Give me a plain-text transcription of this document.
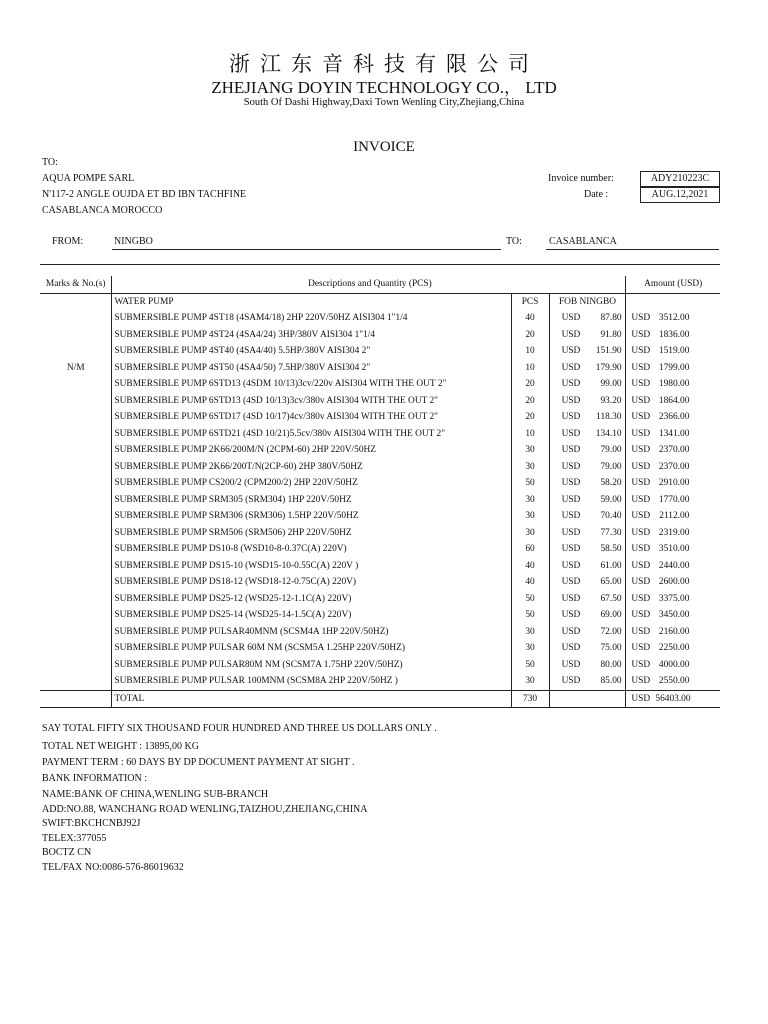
浙江东音科技有限公司
ZHEJIANG DOYIN TECHNOLOGY CO.， LTD
South Of Dashi Highway,Daxi Town Wenling City,Zhejiang,China
INVOICE
TO:
AQUA POMPE SARL
N'117-2 ANGLE OUJDA ET BD IBN TACHFINE
CASABLANCA MOROCCO
Invoice number:	ADY210223C
Date :	AUG.12,2021
FROM:	NINGBO	TO:	CASABLANCA
Marks & No.(s)	Descriptions and Quantity (PCS)			Amount (USD)
	WATER PUMP	PCS	FOB NINGBO	
	SUBMERSIBLE PUMP 4ST18 (4SAM4/18) 2HP 220V/50HZ AISI304 1"1/4	40	USD 87.80	USD 3512.00
	SUBMERSIBLE PUMP 4ST24 (4SA4/24) 3HP/380V AISI304 1"1/4	20	USD 91.80	USD 1836.00
	SUBMERSIBLE PUMP 4ST40 (4SA4/40) 5.5HP/380V AISI304 2"	10	USD 151.90	USD 1519.00
N/M	SUBMERSIBLE PUMP 4ST50 (4SA4/50) 7.5HP/380V AISI304 2"	10	USD 179.90	USD 1799.00
	SUBMERSIBLE PUMP 6STD13 (4SDM 10/13)3cv/220v AISI304 WITH THE OUT 2"	20	USD 99.00	USD 1980.00
	SUBMERSIBLE PUMP 6STD13 (4SD 10/13)3cv/380v AISI304 WITH THE OUT 2"	20	USD 93.20	USD 1864.00
	SUBMERSIBLE PUMP 6STD17 (4SD 10/17)4cv/380v AISI304 WITH THE OUT 2"	20	USD 118.30	USD 2366.00
	SUBMERSIBLE PUMP 6STD21 (4SD 10/21)5.5cv/380v AISI304 WITH THE OUT 2"	10	USD 134.10	USD 1341.00
	SUBMERSIBLE PUMP 2K66/200M/N (2CPM-60) 2HP 220V/50HZ	30	USD 79.00	USD 2370.00
	SUBMERSIBLE PUMP 2K66/200T/N(2CP-60) 2HP 380V/50HZ	30	USD 79.00	USD 2370.00
	SUBMERSIBLE PUMP CS200/2 (CPM200/2) 2HP 220V/50HZ	50	USD 58.20	USD 2910.00
	SUBMERSIBLE PUMP SRM305 (SRM304) 1HP 220V/50HZ	30	USD 59.00	USD 1770.00
	SUBMERSIBLE PUMP SRM306 (SRM306) 1.5HP 220V/50HZ	30	USD 70.40	USD 2112.00
	SUBMERSIBLE PUMP SRM506 (SRM506) 2HP 220V/50HZ	30	USD 77.30	USD 2319.00
	SUBMERSIBLE PUMP DS10-8 (WSD10-8-0.37C(A) 220V)	60	USD 58.50	USD 3510.00
	SUBMERSIBLE PUMP DS15-10 (WSD15-10-0.55C(A) 220V )	40	USD 61.00	USD 2440.00
	SUBMERSIBLE PUMP DS18-12 (WSD18-12-0.75C(A) 220V)	40	USD 65.00	USD 2600.00
	SUBMERSIBLE PUMP DS25-12 (WSD25-12-1.1C(A) 220V)	50	USD 67.50	USD 3375.00
	SUBMERSIBLE PUMP DS25-14 (WSD25-14-1.5C(A) 220V)	50	USD 69.00	USD 3450.00
	SUBMERSIBLE PUMP PULSAR40MNM (SCSM4A 1HP 220V/50HZ)	30	USD 72.00	USD 2160.00
	SUBMERSIBLE PUMP PULSAR 60M NM (SCSM5A 1.25HP 220V/50HZ)	30	USD 75.00	USD 2250.00
	SUBMERSIBLE PUMP PULSAR80M NM (SCSM7A 1.75HP 220V/50HZ)	50	USD 80.00	USD 4000.00
	SUBMERSIBLE PUMP PULSAR 100MNM (SCSM8A 2HP 220V/50HZ )	30	USD 85.00	USD 2550.00
	TOTAL	730		USD 56403.00
SAY TOTAL FIFTY SIX THOUSAND FOUR HUNDRED AND THREE US DOLLARS ONLY .
TOTAL NET WEIGHT : 13895,00 KG
PAYMENT TERM : 60 DAYS BY DP DOCUMENT PAYMENT AT SIGHT .
BANK INFORMATION :
NAME:BANK OF CHINA,WENLING SUB-BRANCH
ADD:NO.88, WANCHANG ROAD WENLING,TAIZHOU,ZHEJIANG,CHINA
SWIFT:BKCHCNBJ92J
TELEX:377055
BOCTZ CN
TEL/FAX NO:0086-576-86019632
